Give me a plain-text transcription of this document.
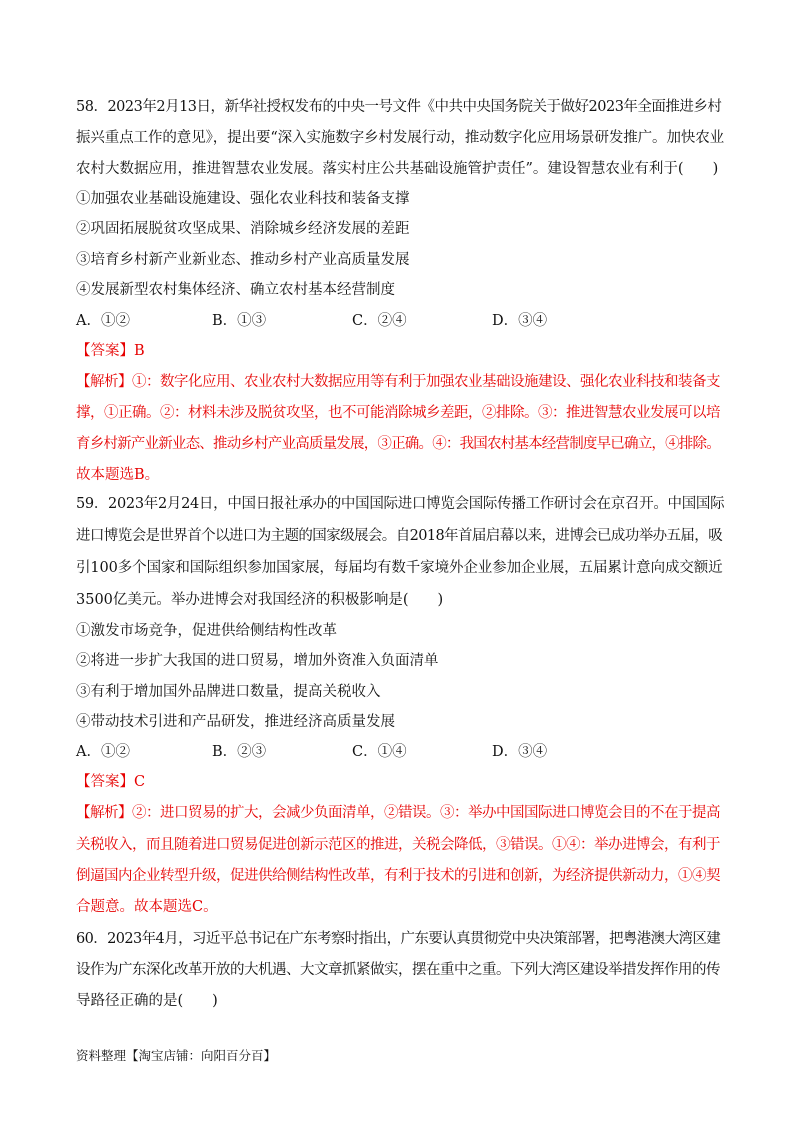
58．2023年2月13日，新华社授权发布的中央一号文件《中共中央国务院关于做好2023年全面推进乡村
振兴重点工作的意见》，提出要“深入实施数字乡村发展行动，推动数字化应用场景研发推广。加快农业
农村大数据应用，推进智慧农业发展。落实村庄公共基础设施管护责任”。建设智慧农业有利于(　　)
①加强农业基础设施建设、强化农业科技和装备支撑
②巩固拓展脱贫攻坚成果、消除城乡经济发展的差距
③培育乡村新产业新业态、推动乡村产业高质量发展
④发展新型农村集体经济、确立农村基本经营制度
A．①②	B．①③	C．②④	D．③④
【答案】B
【解析】①：数字化应用、农业农村大数据应用等有利于加强农业基础设施建设、强化农业科技和装备支
撑，①正确。②：材料未涉及脱贫攻坚，也不可能消除城乡差距，②排除。③：推进智慧农业发展可以培
育乡村新产业新业态、推动乡村产业高质量发展，③正确。④：我国农村基本经营制度早已确立，④排除。
故本题选B。
59．2023年2月24日，中国日报社承办的中国国际进口博览会国际传播工作研讨会在京召开。中国国际
进口博览会是世界首个以进口为主题的国家级展会。自2018年首届启幕以来，进博会已成功举办五届，吸
引100多个国家和国际组织参加国家展，每届均有数千家境外企业参加企业展，五届累计意向成交额近
3500亿美元。举办进博会对我国经济的积极影响是(　　)
①激发市场竞争，促进供给侧结构性改革
②将进一步扩大我国的进口贸易，增加外资准入负面清单
③有利于增加国外品牌进口数量，提高关税收入
④带动技术引进和产品研发，推进经济高质量发展
A．①②	B．②③	C．①④	D．③④
【答案】C
【解析】②：进口贸易的扩大，会减少负面清单，②错误。③：举办中国国际进口博览会目的不在于提高
关税收入，而且随着进口贸易促进创新示范区的推进，关税会降低，③错误。①④：举办进博会，有利于
倒逼国内企业转型升级，促进供给侧结构性改革，有利于技术的引进和创新，为经济提供新动力，①④契
合题意。故本题选C。
60．2023年4月，习近平总书记在广东考察时指出，广东要认真贯彻党中央决策部署，把粤港澳大湾区建
设作为广东深化改革开放的大机遇、大文章抓紧做实，摆在重中之重。下列大湾区建设举措发挥作用的传
导路径正确的是(　　)
资料整理【淘宝店铺：向阳百分百】
